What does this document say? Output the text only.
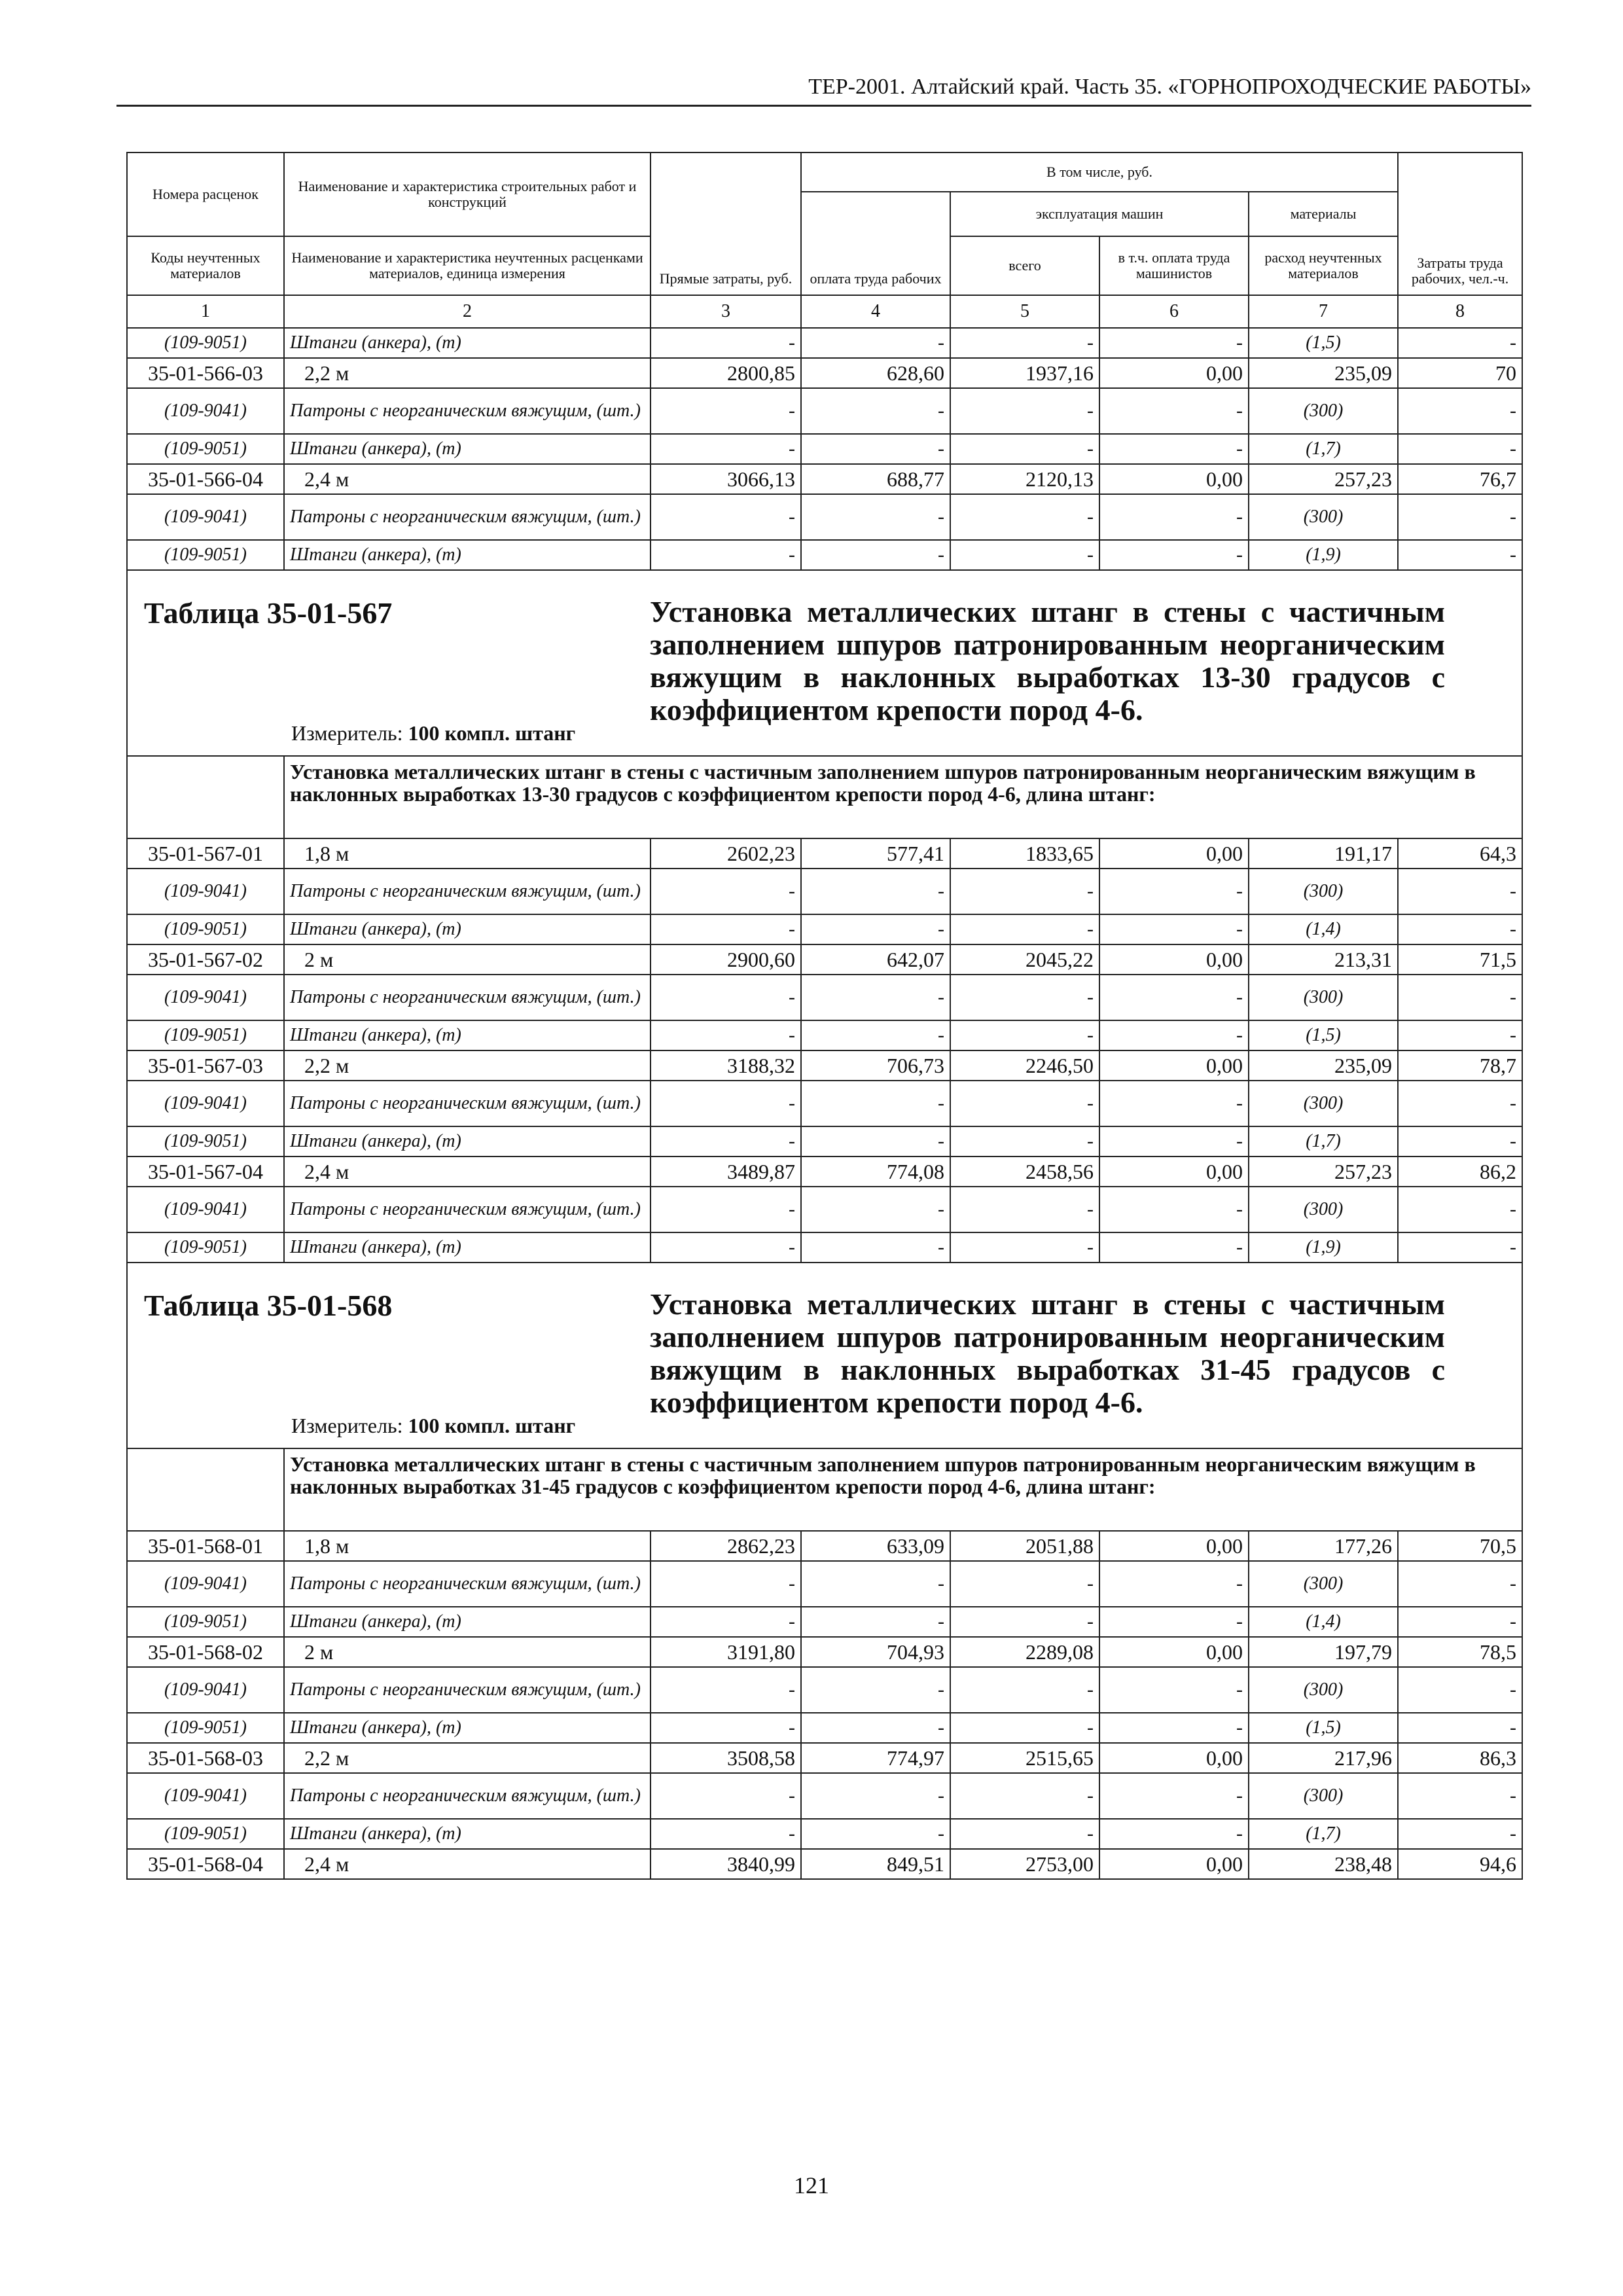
ТЕР-2001. Алтайский край. Часть 35. «ГОРНОПРОХОДЧЕСКИЕ РАБОТЫ»
Номера расценок	Наименование и характеристика строительных работ и конструкций	Прямые затраты, руб.	В том числе, руб.				Затраты труда рабочих, чел.-ч.
			оплата труда рабочих	эксплуатация машин		материалы	
Коды неучтенных материалов	Наименование и характеристика неучтенных расценками материалов, единица измерения			всего	в т.ч. оплата труда машинистов	расход неучтенных материалов	
1	2	3	4	5	6	7	8
(109-9051)	Штанги (анкера), (т)	-	-	-	-	(1,5)	-
35-01-566-03	2,2 м	2800,85	628,60	1937,16	0,00	235,09	70
(109-9041)	Патроны с неорганическим вяжущим, (шт.)	-	-	-	-	(300)	-
(109-9051)	Штанги (анкера), (т)	-	-	-	-	(1,7)	-
35-01-566-04	2,4 м	3066,13	688,77	2120,13	0,00	257,23	76,7
(109-9041)	Патроны с неорганическим вяжущим, (шт.)	-	-	-	-	(300)	-
(109-9051)	Штанги (анкера), (т)	-	-	-	-	(1,9)	-

Таблица 35-01-567 Установка металлических штанг в стены с частичным заполнением шпуров патронированным неорганическим вяжущим в наклонных выработках 13-30 градусов с коэффициентом крепости пород 4-6.
Измеритель: 100 компл. штанг							

	Установка металлических штанг в стены с частичным заполнением шпуров патронированным неорганическим вяжущим в наклонных выработках 13-30 градусов с коэффициентом крепости пород 4-6, длина штанг:						
35-01-567-01	1,8 м	2602,23	577,41	1833,65	0,00	191,17	64,3
(109-9041)	Патроны с неорганическим вяжущим, (шт.)	-	-	-	-	(300)	-
(109-9051)	Штанги (анкера), (т)	-	-	-	-	(1,4)	-
35-01-567-02	2 м	2900,60	642,07	2045,22	0,00	213,31	71,5
(109-9041)	Патроны с неорганическим вяжущим, (шт.)	-	-	-	-	(300)	-
(109-9051)	Штанги (анкера), (т)	-	-	-	-	(1,5)	-
35-01-567-03	2,2 м	3188,32	706,73	2246,50	0,00	235,09	78,7
(109-9041)	Патроны с неорганическим вяжущим, (шт.)	-	-	-	-	(300)	-
(109-9051)	Штанги (анкера), (т)	-	-	-	-	(1,7)	-
35-01-567-04	2,4 м	3489,87	774,08	2458,56	0,00	257,23	86,2
(109-9041)	Патроны с неорганическим вяжущим, (шт.)	-	-	-	-	(300)	-
(109-9051)	Штанги (анкера), (т)	-	-	-	-	(1,9)	-

Таблица 35-01-568 Установка металлических штанг в стены с частичным заполнением шпуров патронированным неорганическим вяжущим в наклонных выработках 31-45 градусов с коэффициентом крепости пород 4-6.
Измеритель: 100 компл. штанг							

	Установка металлических штанг в стены с частичным заполнением шпуров патронированным неорганическим вяжущим в наклонных выработках 31-45 градусов с коэффициентом крепости пород 4-6, длина штанг:						
35-01-568-01	1,8 м	2862,23	633,09	2051,88	0,00	177,26	70,5
(109-9041)	Патроны с неорганическим вяжущим, (шт.)	-	-	-	-	(300)	-
(109-9051)	Штанги (анкера), (т)	-	-	-	-	(1,4)	-
35-01-568-02	2 м	3191,80	704,93	2289,08	0,00	197,79	78,5
(109-9041)	Патроны с неорганическим вяжущим, (шт.)	-	-	-	-	(300)	-
(109-9051)	Штанги (анкера), (т)	-	-	-	-	(1,5)	-
35-01-568-03	2,2 м	3508,58	774,97	2515,65	0,00	217,96	86,3
(109-9041)	Патроны с неорганическим вяжущим, (шт.)	-	-	-	-	(300)	-
(109-9051)	Штанги (анкера), (т)	-	-	-	-	(1,7)	-
35-01-568-04	2,4 м	3840,99	849,51	2753,00	0,00	238,48	94,6
121
